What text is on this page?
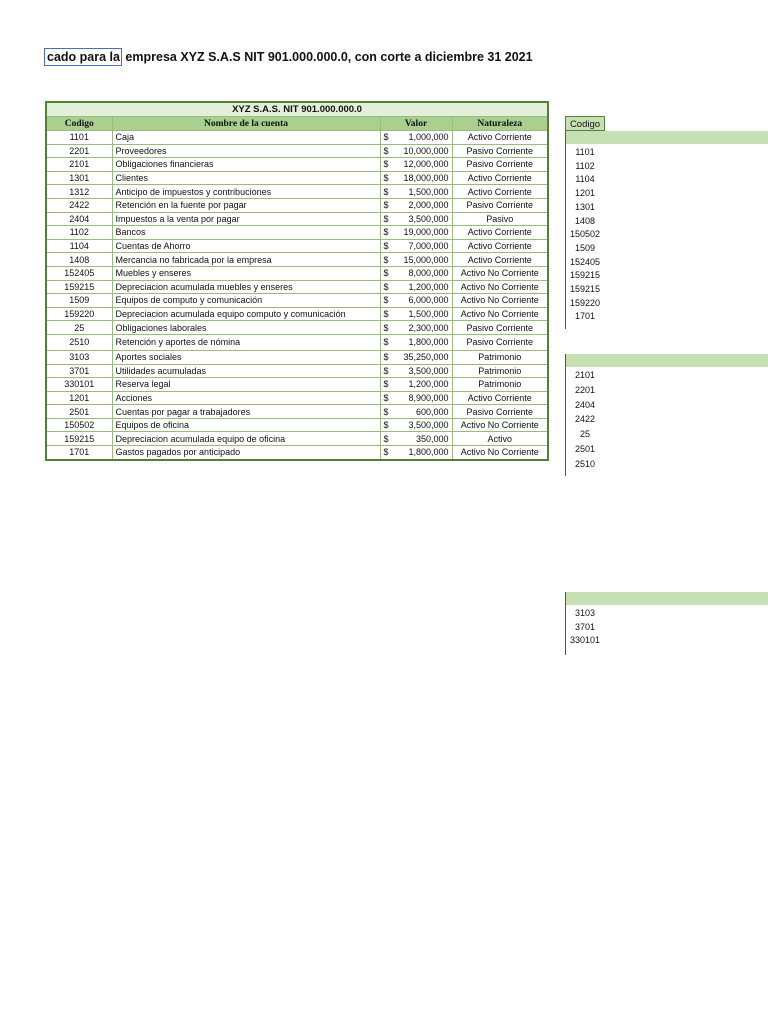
cado para la empresa XYZ S.A.S NIT 901.000.000.0, con corte a diciembre 31 2021
XYZ S.A.S. NIT 901.000.000.0			
Codigo	Nombre de la cuenta	Valor	Naturaleza
1101	Caja	$ 1,000,000	Activo Corriente
2201	Proveedores	$ 10,000,000	Pasivo Corriente
2101	Obligaciones financieras	$ 12,000,000	Pasivo Corriente
1301	Clientes	$ 18,000,000	Activo Corriente
1312	Anticipo de impuestos y contribuciones	$ 1,500,000	Activo Corriente
2422	Retención en la fuente por pagar	$ 2,000,000	Pasivo Corriente
2404	Impuestos a la venta por pagar	$ 3,500,000	Pasivo
1102	Bancos	$ 19,000,000	Activo Corriente
1104	Cuentas de Ahorro	$ 7,000,000	Activo Corriente
1408	Mercancia no fabricada por la empresa	$ 15,000,000	Activo Corriente
152405	Muebles y enseres	$ 8,000,000	Activo No Corriente
159215	Depreciacion acumulada muebles y enseres	$ 1,200,000	Activo No Corriente
1509	Equipos de computo y comunicación	$ 6,000,000	Activo No Corriente
159220	Depreciacion acumulada equipo computo y comunicación	$ 1,500,000	Activo No Corriente
25	Obligaciones laborales	$ 2,300,000	Pasivo Corriente
2510	Retención y aportes de nómina	$ 1,800,000	Pasivo Corriente
3103	Aportes sociales	$ 35,250,000	Patrimonio
3701	Utilidades acumuladas	$ 3,500,000	Patrimonio
330101	Reserva legal	$ 1,200,000	Patrimonio
1201	Acciones	$ 8,900,000	Activo Corriente
2501	Cuentas por pagar a trabajadores	$ 600,000	Pasivo Corriente
150502	Equipos de oficina	$ 3,500,000	Activo No Corriente
159215	Depreciacion acumulada equipo de oficina	$ 350,000	Activo
1701	Gastos pagados por anticipado	$ 1,800,000	Activo No Corriente
Codigo
1101
1102
1104
1201
1301
1408
150502
1509
152405
159215
159215
159220
1701
2101
2201
2404
2422
25
2501
2510
3103
3701
330101
